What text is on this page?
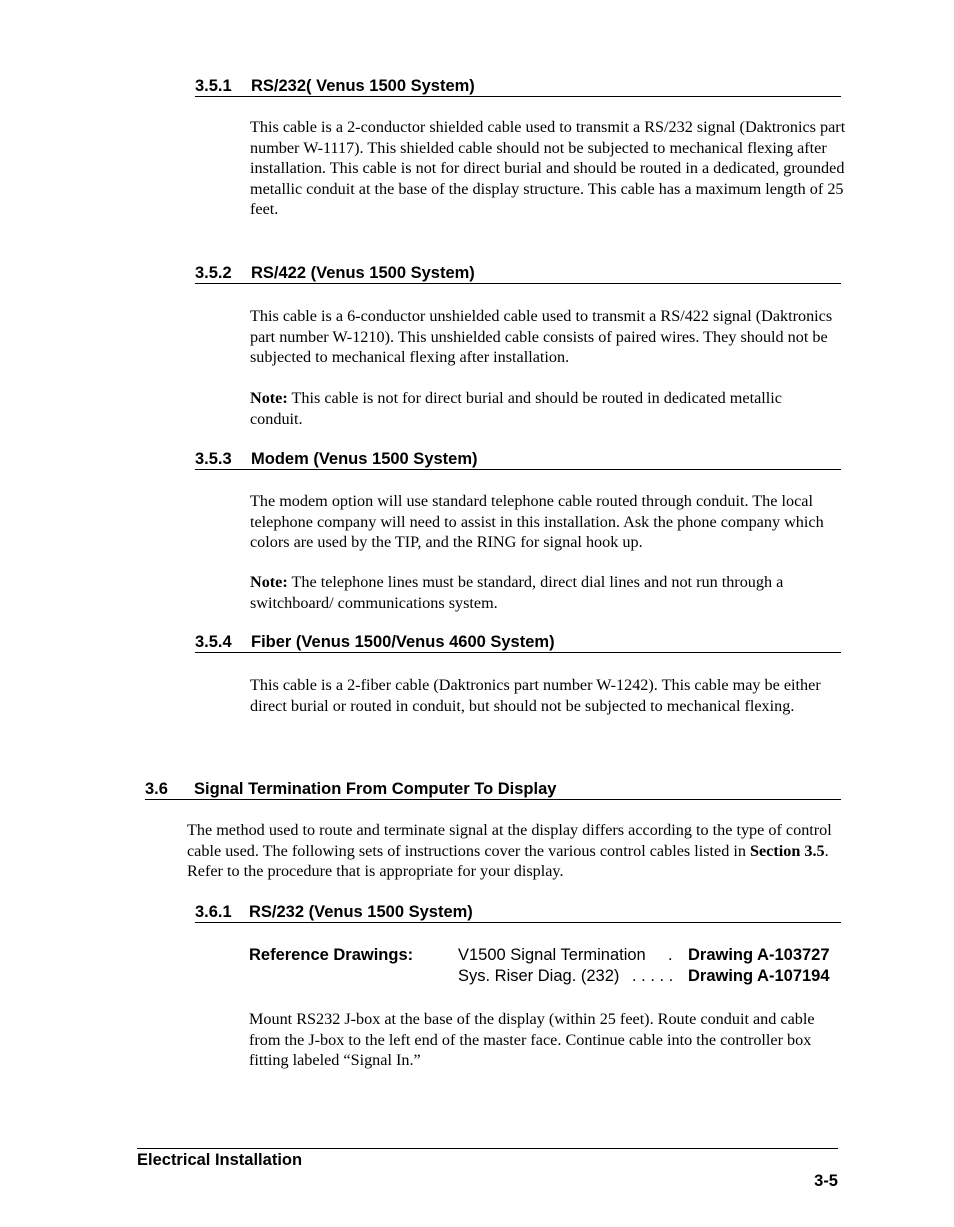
3.5.1 RS/232( Venus 1500 System)

This cable is a 2-conductor shielded cable used to transmit a RS/232 signal (Daktronics part number W-1117). This shielded cable should not be subjected to mechanical flexing after installation. This cable is not for direct burial and should be routed in a dedicated, grounded metallic conduit at the base of the display structure. This cable has a maximum length of 25 feet.

3.5.2 RS/422 (Venus 1500 System)

This cable is a 6-conductor unshielded cable used to transmit a RS/422 signal (Daktronics part number W-1210). This unshielded cable consists of paired wires. They should not be subjected to mechanical flexing after installation.

Note: This cable is not for direct burial and should be routed in dedicated metallic conduit.

3.5.3 Modem (Venus 1500 System)

The modem option will use standard telephone cable routed through conduit. The local telephone company will need to assist in this installation. Ask the phone company which colors are used by the TIP, and the RING for signal hook up.

Note: The telephone lines must be standard, direct dial lines and not run through a switchboard/ communications system.

3.5.4 Fiber (Venus 1500/Venus 4600 System)

This cable is a 2-fiber cable (Daktronics part number W-1242). This cable may be either direct burial or routed in conduit, but should not be subjected to mechanical flexing.

3.6 Signal Termination From Computer To Display

The method used to route and terminate signal at the display differs according to the type of control cable used. The following sets of instructions cover the various control cables listed in Section 3.5. Refer to the procedure that is appropriate for your display.

3.6.1 RS/232 (Venus 1500 System)
Reference Drawings:	V1500 Signal Termination . Drawing A-103727
Sys. Riser Diag. (232) . . . . . Drawing A-107194

Mount RS232 J-box at the base of the display (within 25 feet). Route conduit and cable from the J-box to the left end of the master face. Continue cable into the controller box fitting labeled “Signal In.”

Electrical Installation
3-5
